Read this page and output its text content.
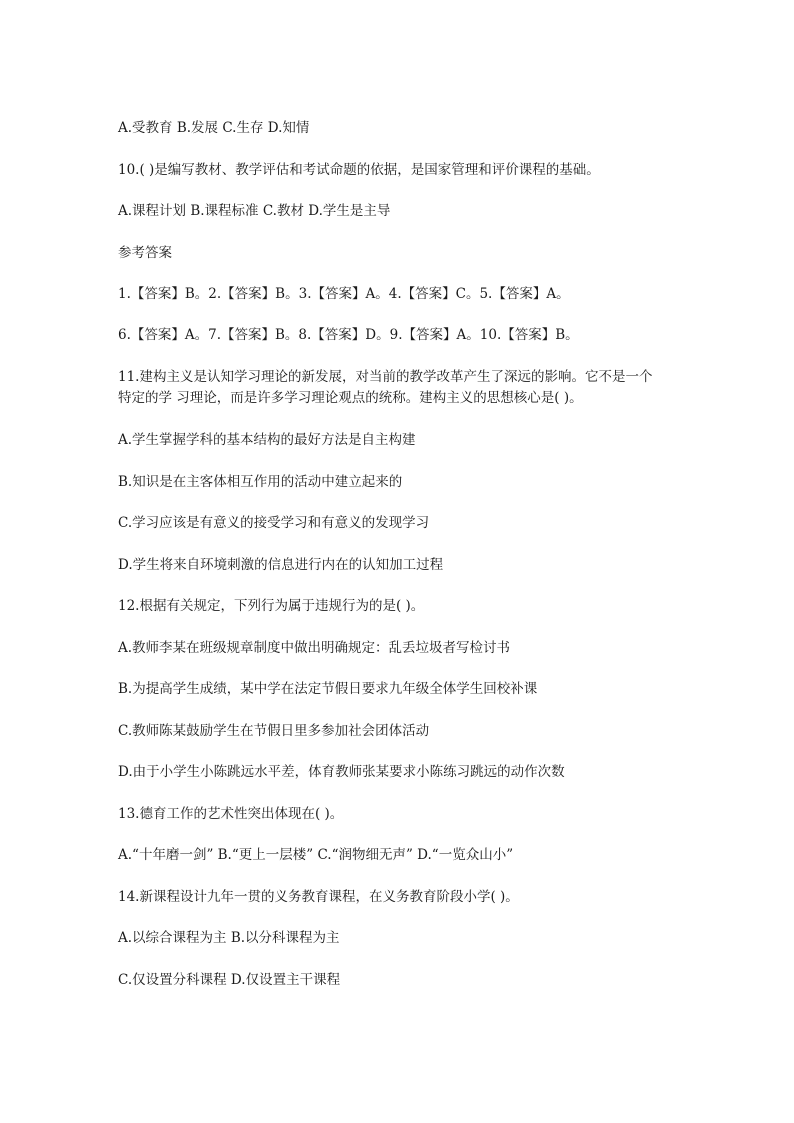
A.受教育 B.发展 C.生存 D.知情
10.( )是编写教材、教学评估和考试命题的依据，是国家管理和评价课程的基础。
A.课程计划 B.课程标准 C.教材 D.学生是主导
参考答案
1.【答案】B。2.【答案】B。3.【答案】A。4.【答案】C。5.【答案】A。
6.【答案】A。7.【答案】B。8.【答案】D。9.【答案】A。10.【答案】B。
11.建构主义是认知学习理论的新发展，对当前的教学改革产生了深远的影响。它不是一个
特定的学 习理论，而是许多学习理论观点的统称。建构主义的思想核心是( )。
A.学生掌握学科的基本结构的最好方法是自主构建
B.知识是在主客体相互作用的活动中建立起来的
C.学习应该是有意义的接受学习和有意义的发现学习
D.学生将来自环境刺激的信息进行内在的认知加工过程
12.根据有关规定，下列行为属于违规行为的是( )。
A.教师李某在班级规章制度中做出明确规定：乱丢垃圾者写检讨书
B.为提高学生成绩，某中学在法定节假日要求九年级全体学生回校补课
C.教师陈某鼓励学生在节假日里多参加社会团体活动
D.由于小学生小陈跳远水平差，体育教师张某要求小陈练习跳远的动作次数
13.德育工作的艺术性突出体现在( )。
A.“十年磨一剑” B.“更上一层楼” C.“润物细无声” D.“一览众山小”
14.新课程设计九年一贯的义务教育课程，在义务教育阶段小学( )。
A.以综合课程为主 B.以分科课程为主
C.仅设置分科课程 D.仅设置主干课程
